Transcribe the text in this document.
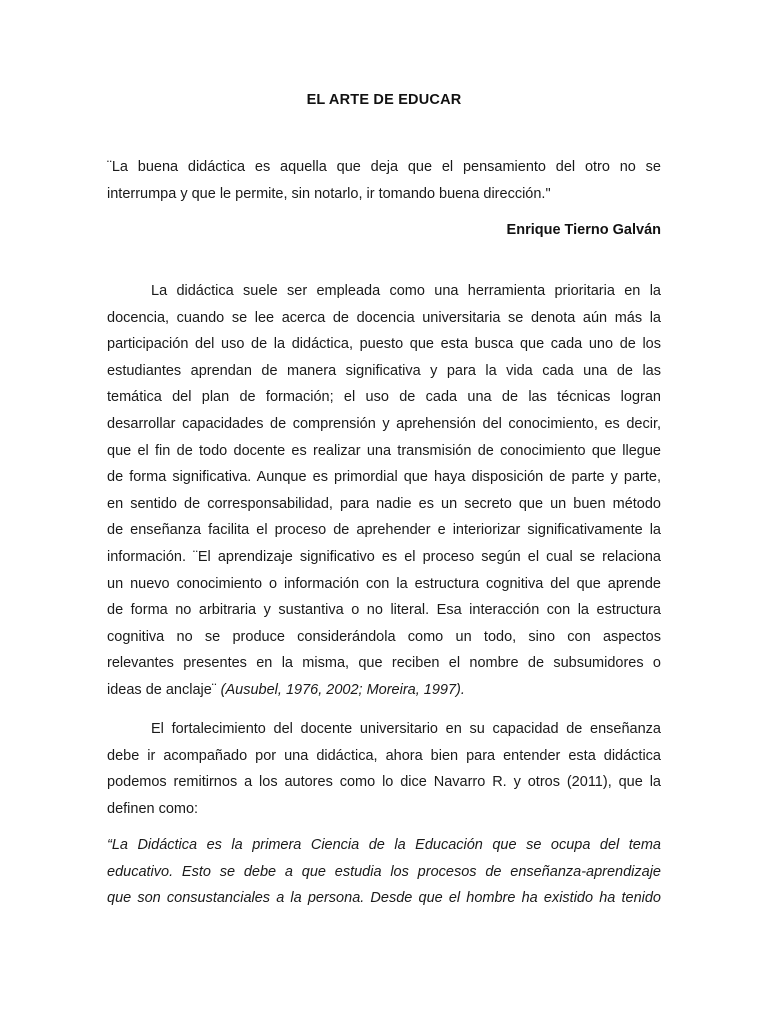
EL ARTE DE EDUCAR
¨La buena didáctica es aquella que deja que el pensamiento del otro no se
interrumpa y que le permite, sin notarlo, ir tomando buena dirección."
Enrique Tierno Galván
La didáctica suele ser empleada como una herramienta prioritaria en la
docencia, cuando se lee acerca de docencia universitaria se denota aún más la
participación del uso de la didáctica, puesto que esta busca que cada uno de los
estudiantes aprendan de manera significativa y para la vida cada una de las
temática del plan de formación; el uso de cada una de las técnicas logran
desarrollar capacidades de comprensión y aprehensión del conocimiento, es decir,
que el fin de todo docente es realizar una transmisión de conocimiento que llegue
de forma significativa. Aunque es primordial que haya disposición de parte y parte,
en sentido de corresponsabilidad, para nadie es un secreto que un buen método
de enseñanza facilita el proceso de aprehender e interiorizar significativamente la
información. ¨El aprendizaje significativo es el proceso según el cual se relaciona
un nuevo conocimiento o información con la estructura cognitiva del que aprende
de forma no arbitraria y sustantiva o no literal. Esa interacción con la estructura
cognitiva no se produce considerándola como un todo, sino con aspectos
relevantes presentes en la misma, que reciben el nombre de subsumidores o
ideas de anclaje¨ (Ausubel, 1976, 2002; Moreira, 1997).
El fortalecimiento del docente universitario en su capacidad de enseñanza
debe ir acompañado por una didáctica, ahora bien para entender esta didáctica
podemos remitirnos a los autores como lo dice Navarro R. y otros (2011), que la
definen como:
“La Didáctica es la primera Ciencia de la Educación que se ocupa del tema
educativo. Esto se debe a que estudia los procesos de enseñanza-aprendizaje
que son consustanciales a la persona. Desde que el hombre ha existido ha tenido
